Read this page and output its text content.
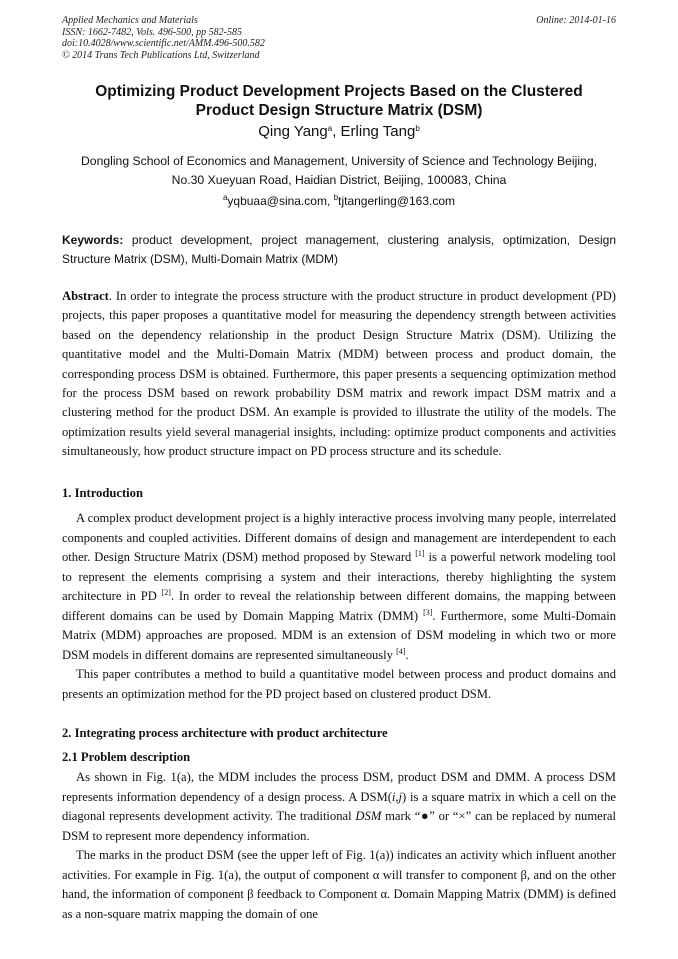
Applied Mechanics and Materials
ISSN: 1662-7482, Vols. 496-500, pp 582-585
doi:10.4028/www.scientific.net/AMM.496-500.582
© 2014 Trans Tech Publications Ltd, Switzerland
Online: 2014-01-16
Optimizing Product Development Projects Based on the Clustered
Product Design Structure Matrix (DSM)
Qing Yang$^a$, Erling Tang$^b$
Dongling School of Economics and Management, University of Science and Technology Beijing,
No.30 Xueyuan Road, Haidian District, Beijing, 100083, China
$^a$yqbuaa@sina.com, $^b$tjtangerling@163.com
Keywords: product development, project management, clustering analysis, optimization, Design Structure Matrix (DSM), Multi-Domain Matrix (MDM)
Abstract. In order to integrate the process structure with the product structure in product development (PD) projects, this paper proposes a quantitative model for measuring the dependency strength between activities based on the dependency relationship in the product Design Structure Matrix (DSM). Utilizing the quantitative model and the Multi-Domain Matrix (MDM) between process and product domain, the corresponding process DSM is obtained. Furthermore, this paper presents a sequencing optimization method for the process DSM based on rework probability DSM matrix and rework impact DSM matrix and a clustering method for the product DSM. An example is provided to illustrate the utility of the models. The optimization results yield several managerial insights, including: optimize product components and activities simultaneously, how product structure impact on PD process structure and its schedule.
1. Introduction

A complex product development project is a highly interactive process involving many people, interrelated components and coupled activities. Different domains of design and management are interdependent to each other. Design Structure Matrix (DSM) method proposed by Steward [1] is a powerful network modeling tool to represent the elements comprising a system and their interactions, thereby highlighting the system architecture in PD [2]. In order to reveal the relationship between different domains, the mapping between different domains can be used by Domain Mapping Matrix (DMM) [3]. Furthermore, some Multi-Domain Matrix (MDM) approaches are proposed. MDM is an extension of DSM modeling in which two or more DSM models in different domains are represented simultaneously [4].

This paper contributes a method to build a quantitative model between process and product domains and presents an optimization method for the PD project based on clustered product DSM.

2. Integrating process architecture with product architecture
2.1 Problem description

As shown in Fig. 1(a), the MDM includes the process DSM, product DSM and DMM. A process DSM represents information dependency of a design process. A DSM(i,j) is a square matrix in which a cell on the diagonal represents development activity. The traditional DSM mark “●” or “×” can be replaced by numeral DSM to represent more dependency information.

The marks in the product DSM (see the upper left of Fig. 1(a)) indicates an activity which influent another activities. For example in Fig. 1(a), the output of component α will transfer to component β, and on the other hand, the information of component β feedback to Component α. Domain Mapping Matrix (DMM) is defined as a non-square matrix mapping the domain of one
